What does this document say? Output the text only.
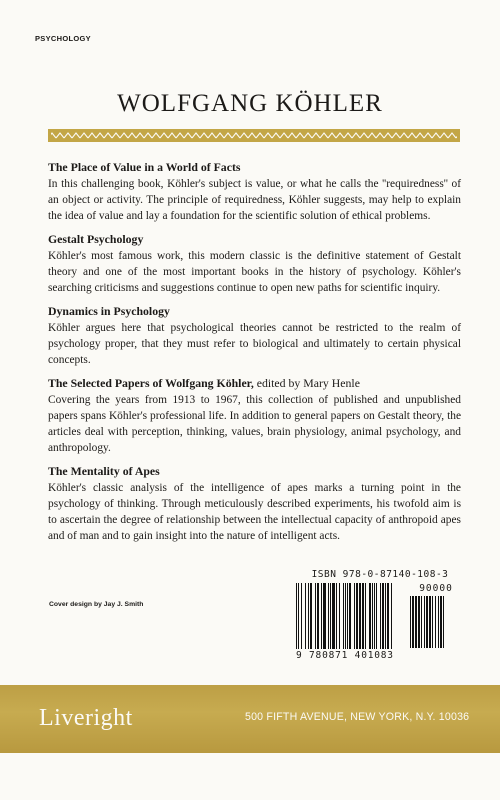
PSYCHOLOGY
WOLFGANG KÖHLER
The Place of Value in a World of Facts
In this challenging book, Köhler's subject is value, or what he calls the ''requiredness'' of an object or activity. The principle of requiredness, Köhler suggests, may help to explain the idea of value and lay a foundation for the scientific solution of ethical problems.
Gestalt Psychology
Köhler's most famous work, this modern classic is the definitive statement of Gestalt theory and one of the most important books in the history of psychology. Köhler's searching criticisms and suggestions continue to open new paths for scientific inquiry.
Dynamics in Psychology
Köhler argues here that psychological theories cannot be restricted to the realm of psychology proper, that they must refer to biological and ultimately to certain physical concepts.
The Selected Papers of Wolfgang Köhler, edited by Mary Henle
Covering the years from 1913 to 1967, this collection of published and unpublished papers spans Köhler's professional life. In addition to general papers on Gestalt theory, the articles deal with perception, thinking, values, brain physiology, animal psychology, and anthropology.
The Mentality of Apes
Köhler's classic analysis of the intelligence of apes marks a turning point in the psychology of thinking. Through meticulously described experiments, his twofold aim is to ascertain the degree of relationship between the intellectual capacity of anthropoid apes and of man and to gain insight into the nature of intelligent acts.
Cover design by Jay J. Smith
ISBN 978-0-87140-108-3
90000
9 780871 401083
Liveright	500 FIFTH AVENUE, NEW YORK, N.Y. 10036
